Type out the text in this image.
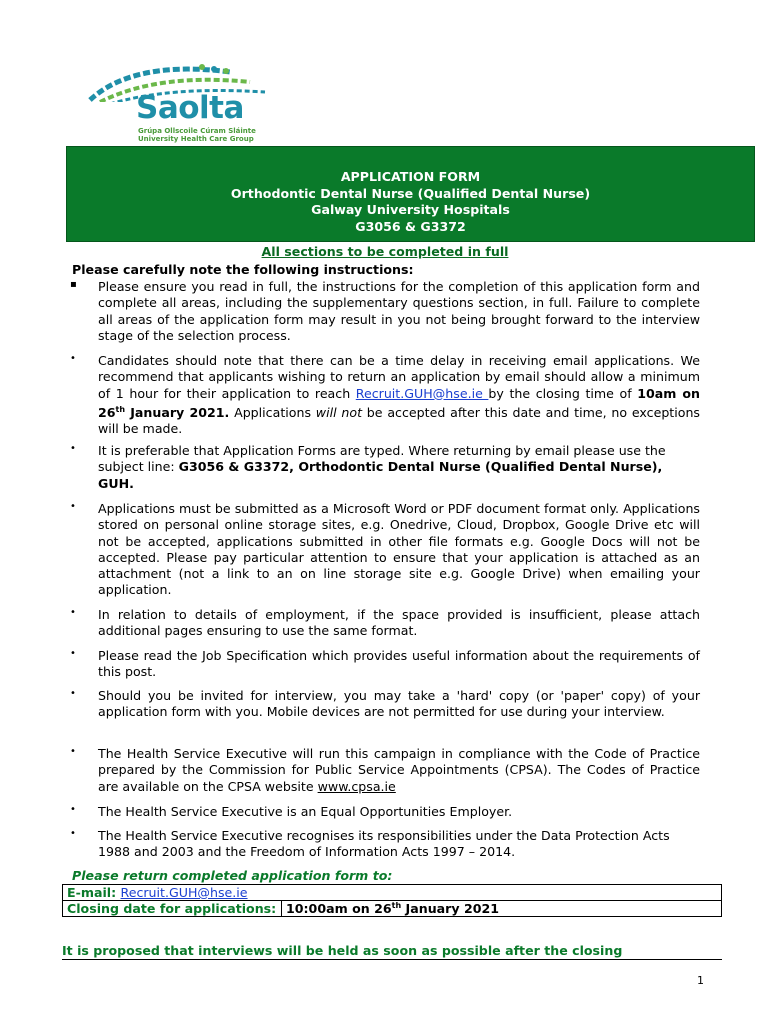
Saolta
Grúpa Ollscoile Cúram Sláinte
University Health Care Group
APPLICATION FORM
Orthodontic Dental Nurse (Qualified Dental Nurse)
Galway University Hospitals
G3056 & G3372
All sections to be completed in full
Please carefully note the following instructions:
▪ Please ensure you read in full, the instructions for the completion of this application form and complete all areas, including the supplementary questions section, in full. Failure to complete all areas of the application form may result in you not being brought forward to the interview stage of the selection process.
• Candidates should note that there can be a time delay in receiving email applications. We recommend that applicants wishing to return an application by email should allow a minimum of 1 hour for their application to reach Recruit.GUH@hse.ie by the closing time of 10am on 26th January 2021. Applications will not be accepted after this date and time, no exceptions will be made.
• It is preferable that Application Forms are typed. Where returning by email please use the subject line: G3056 & G3372, Orthodontic Dental Nurse (Qualified Dental Nurse), GUH.
• Applications must be submitted as a Microsoft Word or PDF document format only. Applications stored on personal online storage sites, e.g. Onedrive, Cloud, Dropbox, Google Drive etc will not be accepted, applications submitted in other file formats e.g. Google Docs will not be accepted. Please pay particular attention to ensure that your application is attached as an attachment (not a link to an on line storage site e.g. Google Drive) when emailing your application.
• In relation to details of employment, if the space provided is insufficient, please attach additional pages ensuring to use the same format.
• Please read the Job Specification which provides useful information about the requirements of this post.
• Should you be invited for interview, you may take a 'hard' copy (or 'paper' copy) of your application form with you. Mobile devices are not permitted for use during your interview.
• The Health Service Executive will run this campaign in compliance with the Code of Practice prepared by the Commission for Public Service Appointments (CPSA). The Codes of Practice are available on the CPSA website www.cpsa.ie
• The Health Service Executive is an Equal Opportunities Employer.
• The Health Service Executive recognises its responsibilities under the Data Protection Acts 1988 and 2003 and the Freedom of Information Acts 1997 – 2014.
Please return completed application form to:
E-mail: Recruit.GUH@hse.ie
Closing date for applications:	10:00am on 26th January 2021
It is proposed that interviews will be held as soon as possible after the closing
1
